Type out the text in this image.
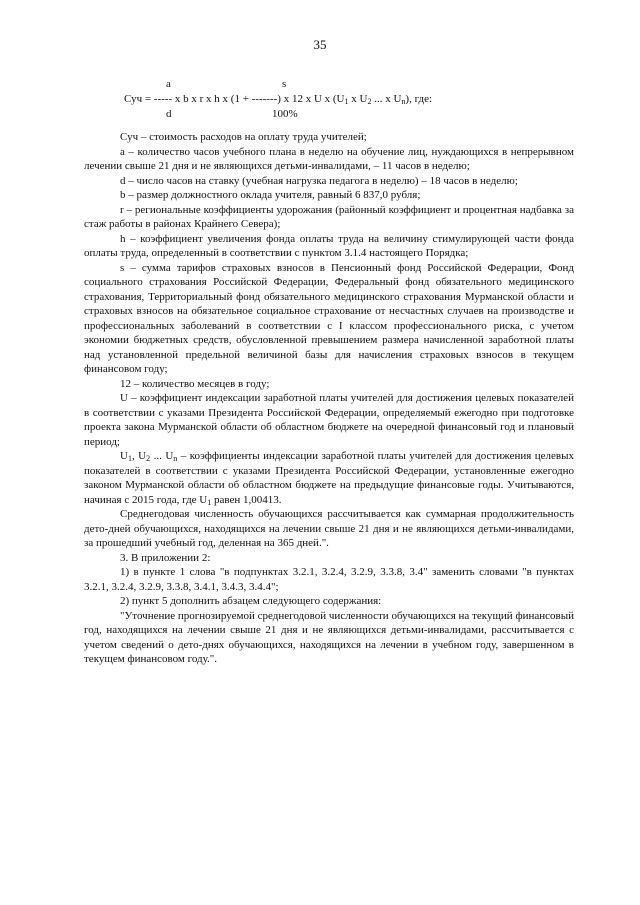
35
a	s
Суч = ----- x b x r x h x (1 + -------) x 12 x U x ($U_1$ x $U_2$ ... x $U_n$), где:
d	100%

Суч – стоимость расходов на оплату труда учителей;

а – количество часов учебного плана в неделю на обучение лиц, нуждающихся в непрерывном лечении свыше 21 дня и не являющихся детьми-инвалидами, – 11 часов в неделю;

d – число часов на ставку (учебная нагрузка педагога в неделю) – 18 часов в неделю;

b – размер должностного оклада учителя, равный 6 837,0 рубля;

r – региональные коэффициенты удорожания (районный коэффициент и процентная надбавка за стаж работы в районах Крайнего Севера);

h – коэффициент увеличения фонда оплаты труда на величину стимулирующей части фонда оплаты труда, определенный в соответствии с пунктом 3.1.4 настоящего Порядка;

s – сумма тарифов страховых взносов в Пенсионный фонд Российской Федерации, Фонд социального страхования Российской Федерации, Федеральный фонд обязательного медицинского страхования, Территориальный фонд обязательного медицинского страхования Мурманской области и страховых взносов на обязательное социальное страхование от несчастных случаев на производстве и профессиональных заболеваний в соответствии с I классом профессионального риска, с учетом экономии бюджетных средств, обусловленной превышением размера начисленной заработной платы над установленной предельной величиной базы для начисления страховых взносов в текущем финансовом году;

12 – количество месяцев в году;

U – коэффициент индексации заработной платы учителей для достижения целевых показателей в соответствии с указами Президента Российской Федерации, определяемый ежегодно при подготовке проекта закона Мурманской области об областном бюджете на очередной финансовый год и плановый период;

$U_1$, $U_2$ ... $U_n$ – коэффициенты индексации заработной платы учителей для достижения целевых показателей в соответствии с указами Президента Российской Федерации, установленные ежегодно законом Мурманской области об областном бюджете на предыдущие финансовые годы. Учитываются, начиная с 2015 года, где $U_1$ равен 1,00413.

Среднегодовая численность обучающихся рассчитывается как суммарная продолжительность дето-дней обучающихся, находящихся на лечении свыше 21 дня и не являющихся детьми-инвалидами, за прошедший учебный год, деленная на 365 дней.".

3. В приложении 2:

1) в пункте 1 слова "в подпунктах 3.2.1, 3.2.4, 3.2.9, 3.3.8, 3.4" заменить словами "в пунктах 3.2.1, 3.2.4, 3.2.9, 3.3.8, 3.4.1, 3.4.3, 3.4.4";

2) пункт 5 дополнить абзацем следующего содержания:

"Уточнение прогнозируемой среднегодовой численности обучающихся на текущий финансовый год, находящихся на лечении свыше 21 дня и не являющихся детьми-инвалидами, рассчитывается с учетом сведений о дето-днях обучающихся, находящихся на лечении в учебном году, завершенном в текущем финансовом году.".
